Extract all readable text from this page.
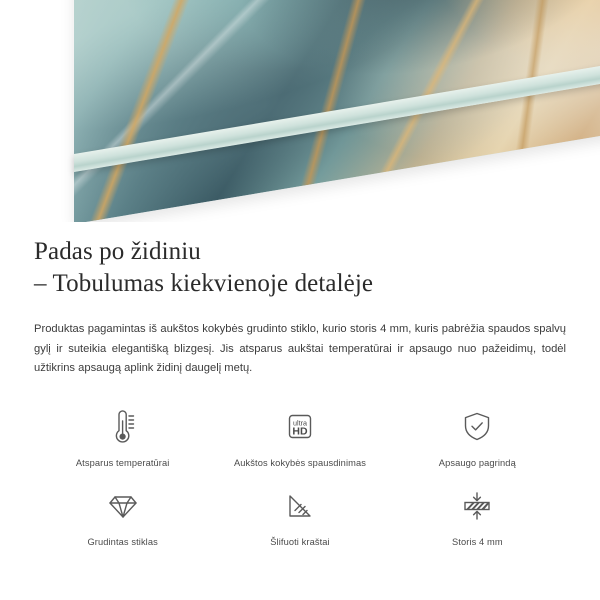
Padas po židiniu
– Tobulumas kiekvienoje detalėje

Produktas pagamintas iš aukštos kokybės grudinto stiklo, kurio storis 4 mm, kuris pabrėžia spaudos spalvų gylį ir suteikia elegantišką blizgesį. Jis atsparus aukštai temperatūrai ir apsaugo nuo pažeidimų, todėl užtikrins apsaugą aplink židinį daugelį metų.

Atsparus temperatūrai
ultra
HD
Aukštos kokybės spausdinimas	Apsaugo pagrindą
Grudintas stiklas	Šlifuoti kraštai	Storis 4 mm
